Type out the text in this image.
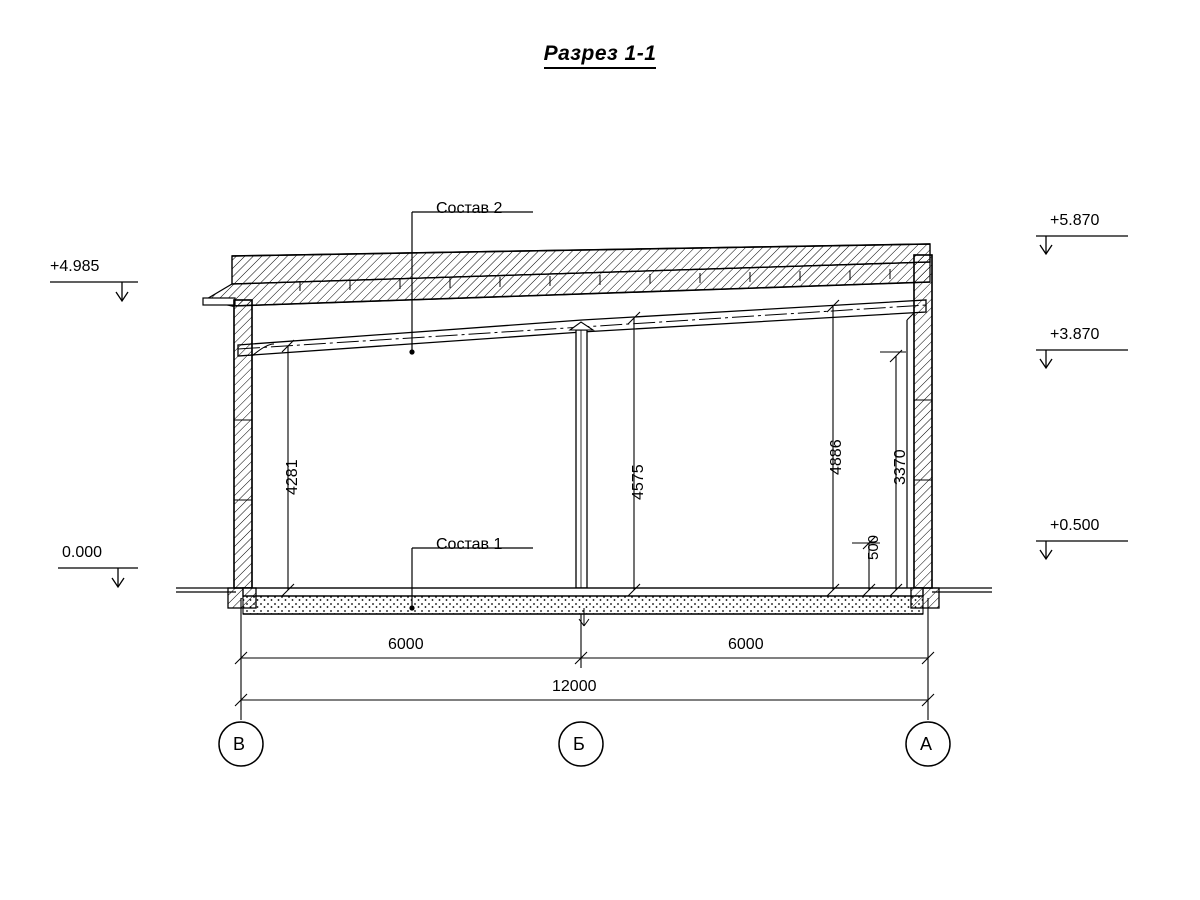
Разрез 1-1
Состав 2
Состав 1
+4.985
0.000
+5.870
+3.870
+0.500
4281	4575
4886	3370
500
6000	6000
12000
В	Б	А
